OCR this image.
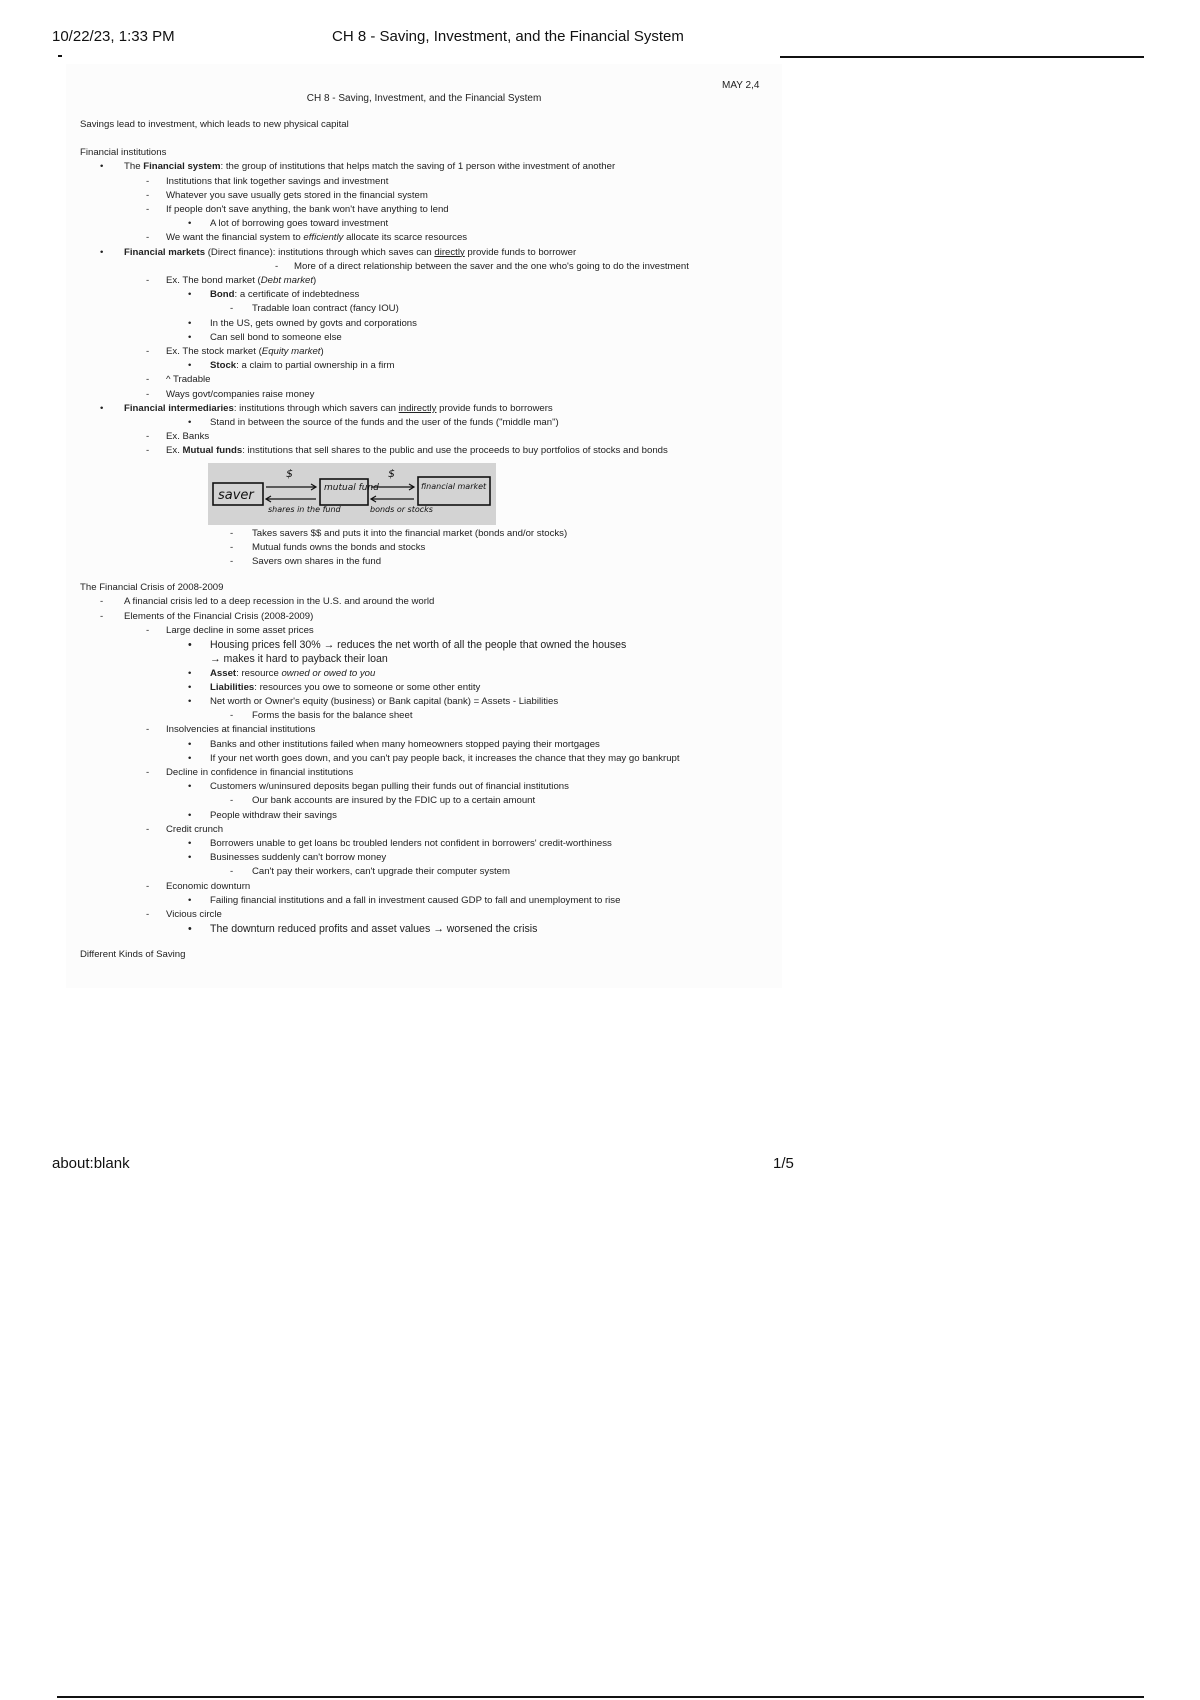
10/22/23, 1:33 PM	CH 8 - Saving, Investment, and the Financial System
MAY 2,4
CH 8 - Saving, Investment, and the Financial System
Savings lead to investment, which leads to new physical capital
Financial institutions
• The Financial system: the group of institutions that helps match the saving of 1 person withe investment of another
- Institutions that link together savings and investment
- Whatever you save usually gets stored in the financial system
- If people don't save anything, the bank won't have anything to lend
• A lot of borrowing goes toward investment
- We want the financial system to efficiently allocate its scarce resources
• Financial markets (Direct finance): institutions through which saves can directly provide funds to borrower
- More of a direct relationship between the saver and the one who's going to do the investment
- Ex. The bond market (Debt market)
• Bond: a certificate of indebtedness
- Tradable loan contract (fancy IOU)
• In the US, gets owned by govts and corporations
• Can sell bond to someone else
- Ex. The stock market (Equity market)
• Stock: a claim to partial ownership in a firm
- ^ Tradable
- Ways govt/companies raise money
• Financial intermediaries: institutions through which savers can indirectly provide funds to borrowers
• Stand in between the source of the funds and the user of the funds ("middle man")
- Ex. Banks
- Ex. Mutual funds: institutions that sell shares to the public and use the proceeds to buy portfolios of stocks and bonds
saver	mutual fund	financial market
$	$
shares in the fund	bonds or stocks
- Takes savers $$ and puts it into the financial market (bonds and/or stocks)
- Mutual funds owns the bonds and stocks
- Savers own shares in the fund
The Financial Crisis of 2008-2009
- A financial crisis led to a deep recession in the U.S. and around the world
- Elements of the Financial Crisis (2008-2009)
- Large decline in some asset prices
• Housing prices fell 30% → reduces the net worth of all the people that owned the houses
→ makes it hard to payback their loan
• Asset: resource owned or owed to you
• Liabilities: resources you owe to someone or some other entity
• Net worth or Owner's equity (business) or Bank capital (bank) = Assets - Liabilities
- Forms the basis for the balance sheet
- Insolvencies at financial institutions
• Banks and other institutions failed when many homeowners stopped paying their mortgages
• If your net worth goes down, and you can't pay people back, it increases the chance that they may go bankrupt
- Decline in confidence in financial institutions
• Customers w/uninsured deposits began pulling their funds out of financial institutions
- Our bank accounts are insured by the FDIC up to a certain amount
• People withdraw their savings
- Credit crunch
• Borrowers unable to get loans bc troubled lenders not confident in borrowers' credit-worthiness
• Businesses suddenly can't borrow money
- Can't pay their workers, can't upgrade their computer system
- Economic downturn
• Failing financial institutions and a fall in investment caused GDP to fall and unemployment to rise
- Vicious circle
• The downturn reduced profits and asset values → worsened the crisis
Different Kinds of Saving
about:blank	1/5
